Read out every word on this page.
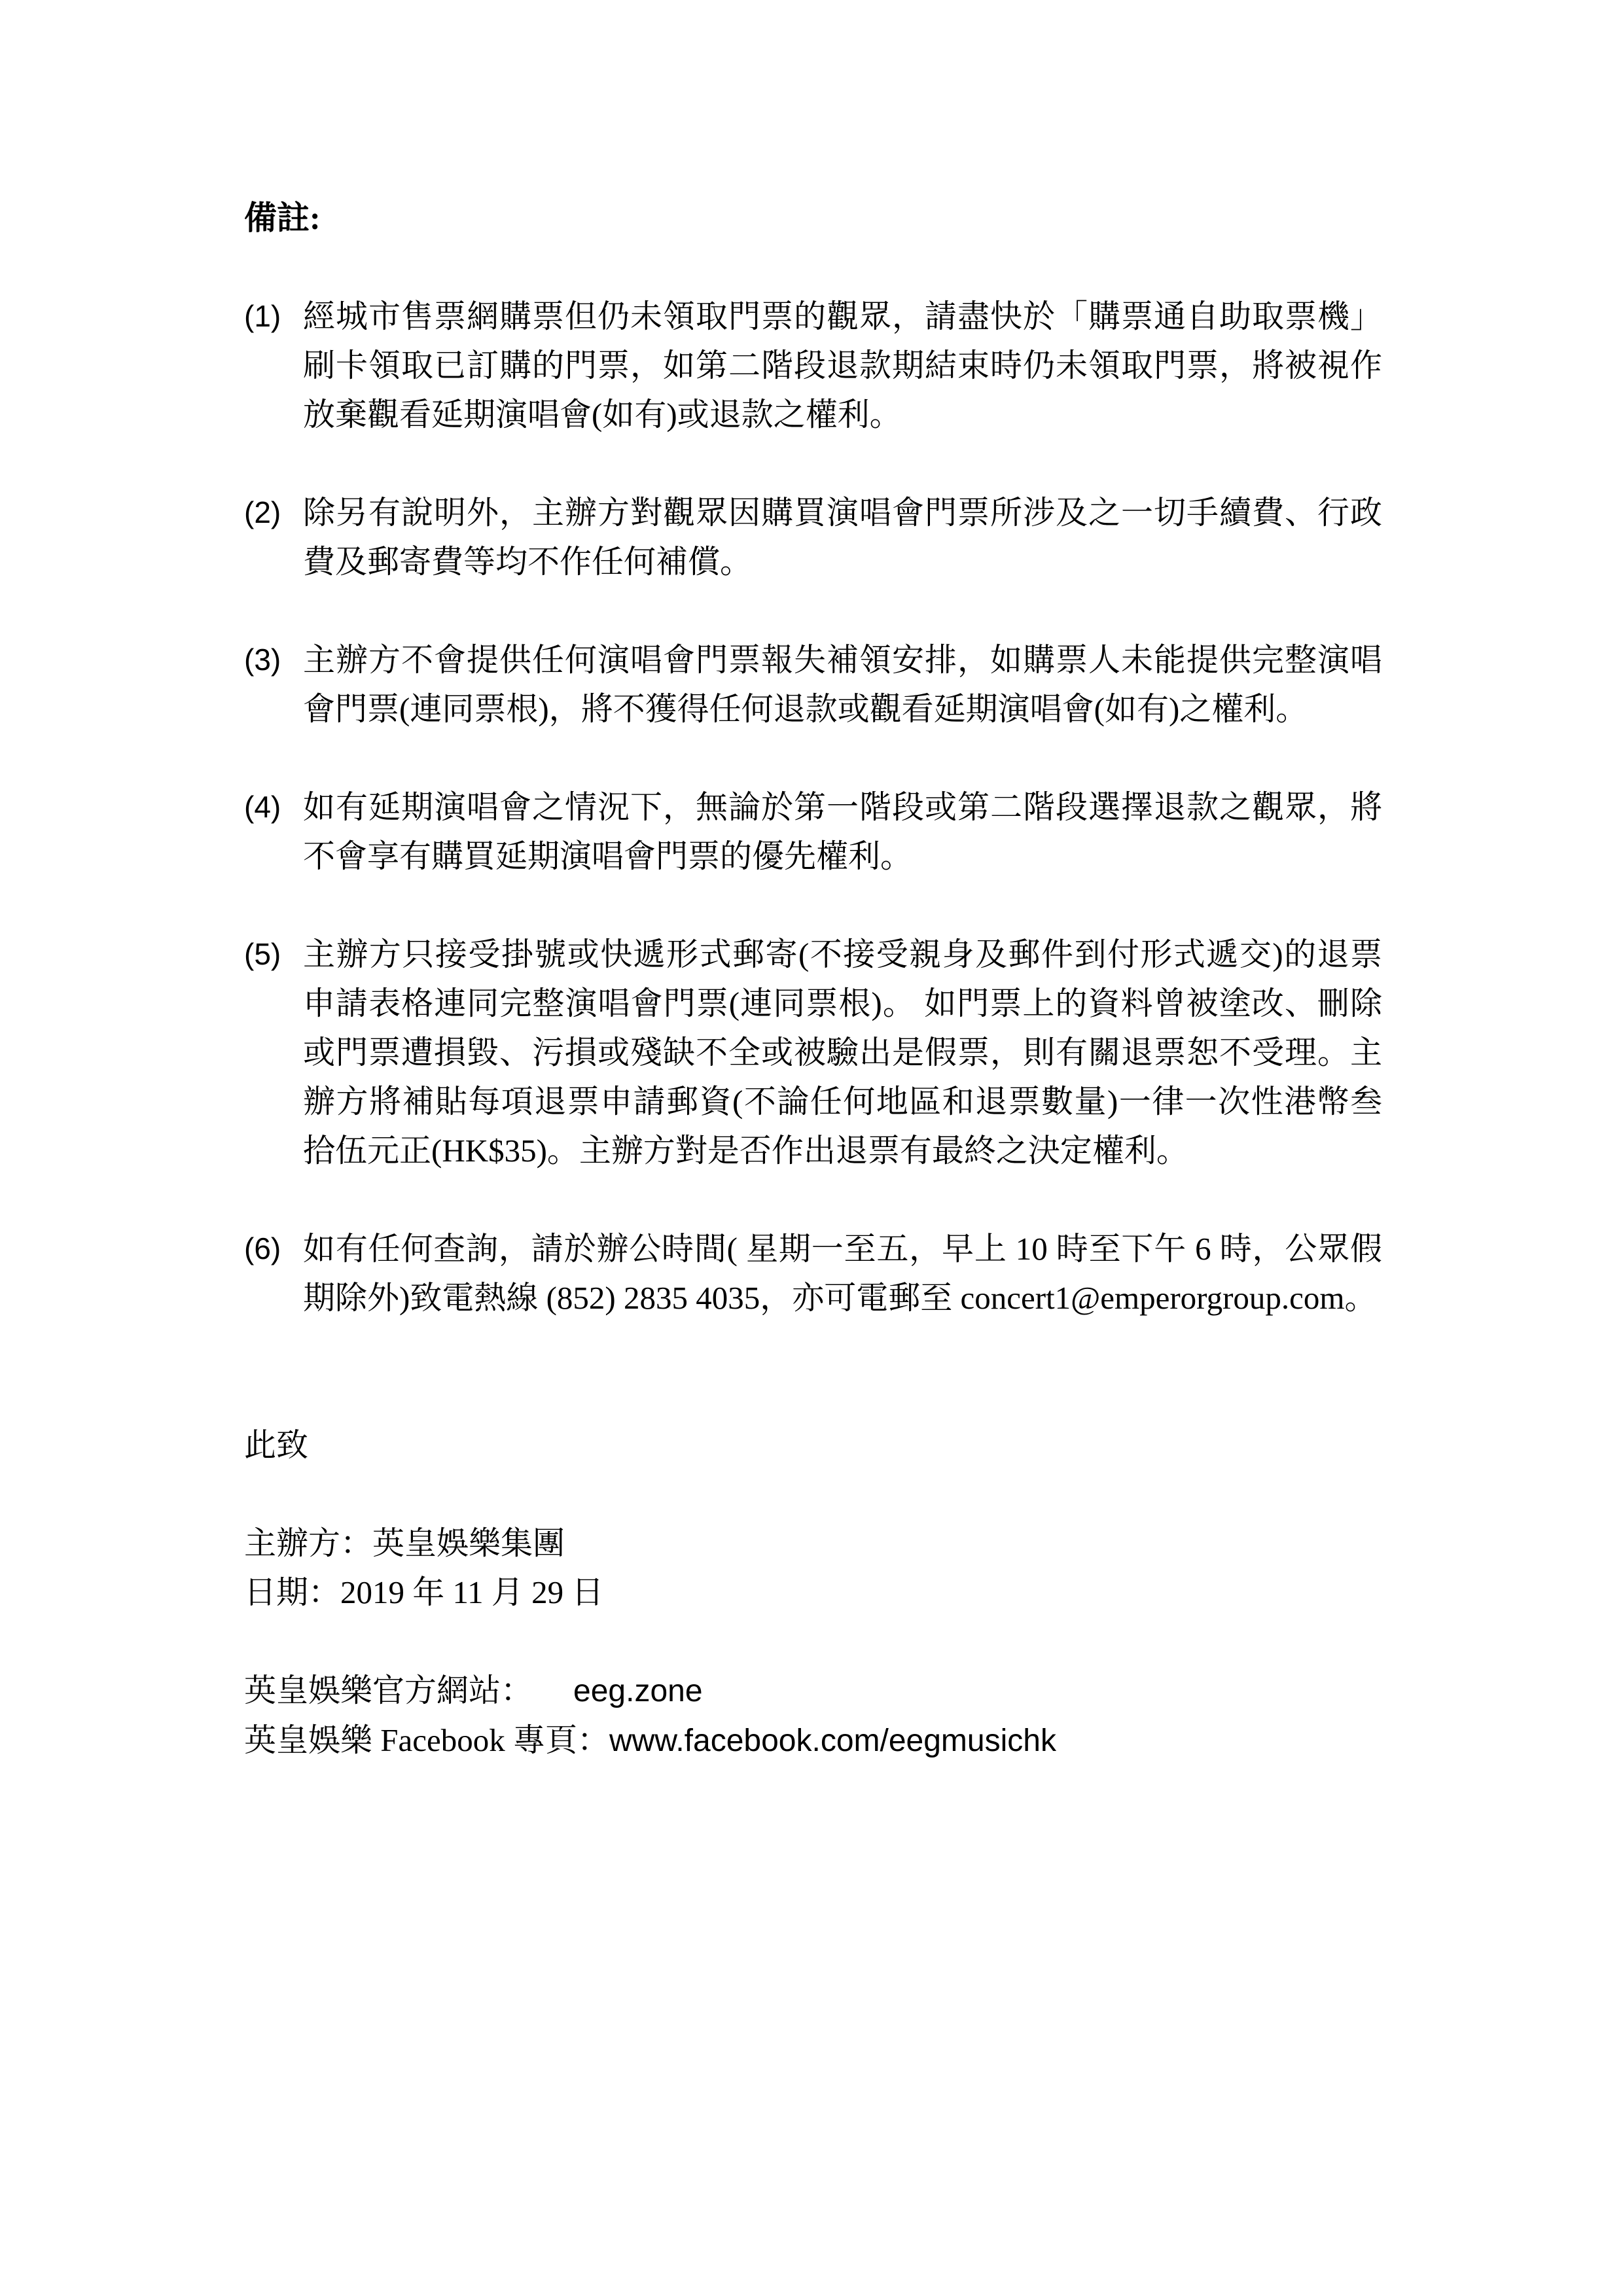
備註:
(1) 經城市售票網購票但仍未領取門票的觀眾，請盡快於「購票通自助取票機」
刷卡領取已訂購的門票，如第二階段退款期結束時仍未領取門票，將被視作
放棄觀看延期演唱會(如有)或退款之權利。
(2) 除另有說明外，主辦方對觀眾因購買演唱會門票所涉及之一切手續費、行政
費及郵寄費等均不作任何補償。
(3) 主辦方不會提供任何演唱會門票報失補領安排，如購票人未能提供完整演唱
會門票(連同票根)，將不獲得任何退款或觀看延期演唱會(如有)之權利。
(4) 如有延期演唱會之情況下，無論於第一階段或第二階段選擇退款之觀眾，將
不會享有購買延期演唱會門票的優先權利。
(5) 主辦方只接受掛號或快遞形式郵寄(不接受親身及郵件到付形式遞交)的退票
申請表格連同完整演唱會門票(連同票根)。 如門票上的資料曾被塗改、刪除
或門票遭損毀、污損或殘缺不全或被驗出是假票，則有關退票恕不受理。主
辦方將補貼每項退票申請郵資(不論任何地區和退票數量)一律一次性港幣叁
拾伍元正(HK$35)。主辦方對是否作出退票有最終之決定權利。
(6) 如有任何查詢，請於辦公時間( 星期一至五，早上 10 時至下午 6 時，公眾假
期除外)致電熱線 (852) 2835 4035，亦可電郵至 concert1@emperorgroup.com。
此致
主辦方：英皇娛樂集團
日期：2019 年 11 月 29 日
英皇娛樂官方網站： eeg.zone
英皇娛樂 Facebook 專頁：www.facebook.com/eegmusichk
